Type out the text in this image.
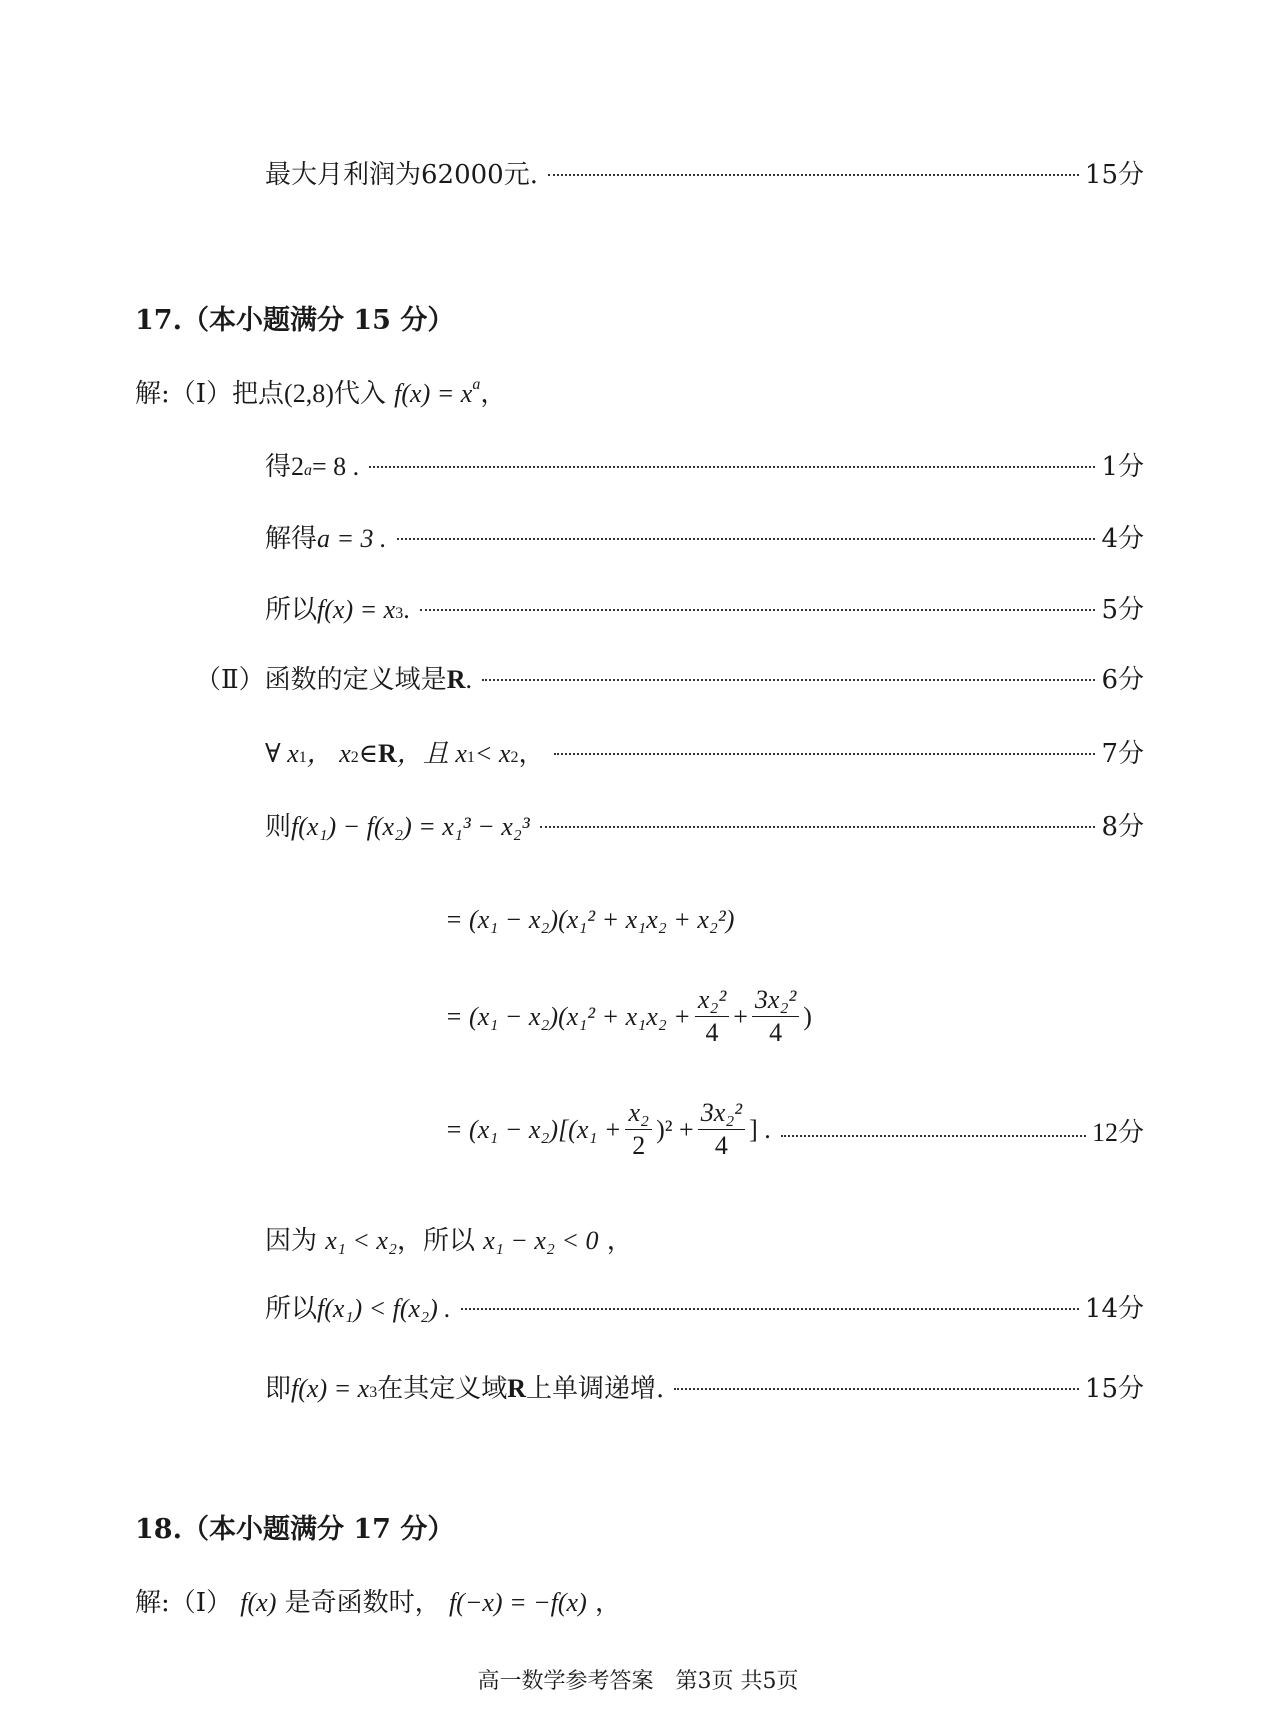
最大月利润为62000元.	15分
17.（本小题满分 15 分）
解:（Ⅰ）把点(2,8)代入 $f(x) = x^a$，
得 2 a = 8 .	1分
解得 a = 3 .	4分
所以 f(x) = x 3 .	5分
（Ⅱ）函数的定义域是 R .	6分
∀ x 1 ， x 2 ∈ R ，且 x 1 < x 2 ，	7分
则 f(x₁) − f(x₂) = x₁³ − x₂³	8分
= (x₁ − x₂)(x₁² + x₁x₂ + x₂²)
= $(x_1 - x_2)(x_1^2 + x_1x_2 + \frac{\text{x₂²}}{4} + \frac{\text{3x₂²}}{4}$ )
= $(x_1 - x_2)[(x_1 + \frac{\text{x₂}}{2} )^2 + \frac{\text{3x₂²}}{4}$ ] .	12分
因为 x₁ < x₂，所以 x₁ − x₂ < 0 ，
所以 f(x₁) < f(x₂) .	14分
即 f(x) = x 3 在其定义域 R 上单调递增.	15分
18.（本小题满分 17 分）
解:（Ⅰ） f(x) 是奇函数时， f(−x) = −f(x) ，
高一数学参考答案　第3页 共5页
